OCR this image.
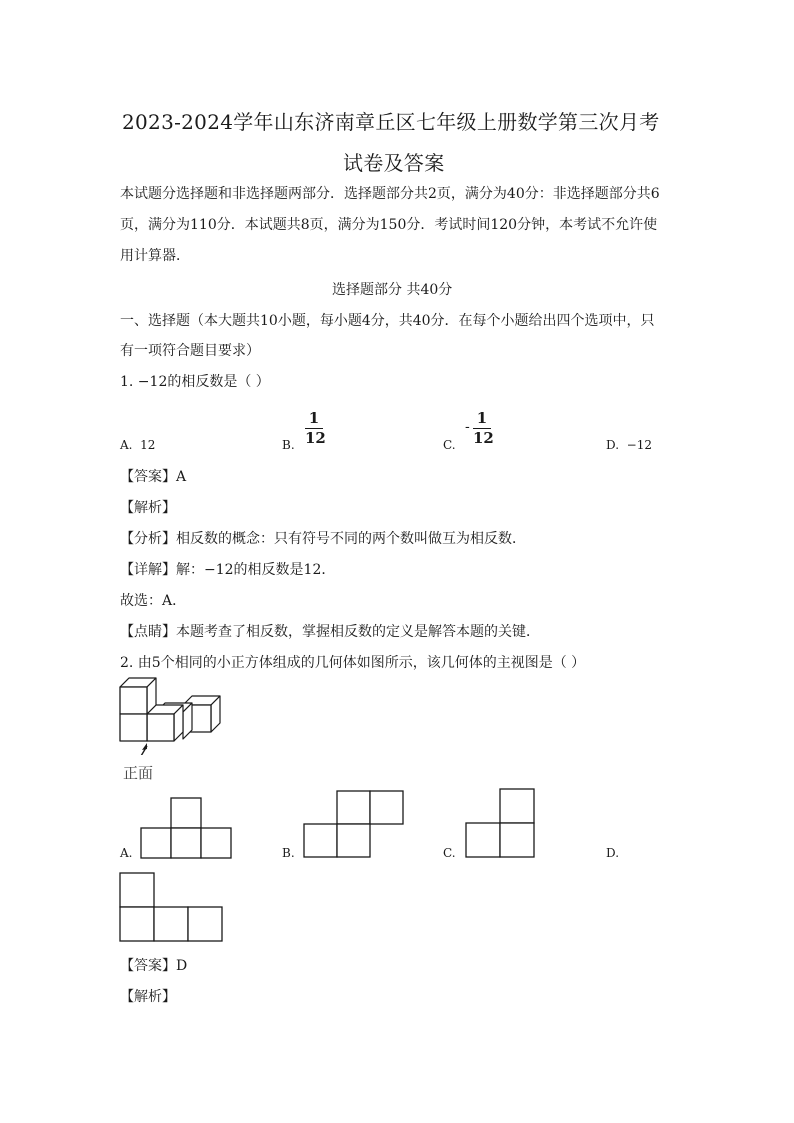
2023-2024学年山东济南章丘区七年级上册数学第三次月考
试卷及答案
本试题分选择题和非选择题两部分．选择题部分共2页，满分为40分：非选择题部分共6
页，满分为110分．本试题共8页，满分为150分．考试时间120分钟，本考试不允许使
用计算器．
选择题部分 共40分
一、选择题（本大题共10小题，每小题4分，共40分．在每个小题给出四个选项中，只
有一项符合题目要求）
1. −12的相反数是（ ）
A. 12	B.
1
12	C.
- 1
12	D. −12
【答案】A
【解析】
【分析】相反数的概念：只有符号不同的两个数叫做互为相反数．
【详解】解：−12的相反数是12．
故选：A．
【点睛】本题考查了相反数，掌握相反数的定义是解答本题的关键．
2. 由5个相同的小正方体组成的几何体如图所示，该几何体的主视图是（ ）
正面
A.	B.	C.	D.
【答案】D
【解析】
